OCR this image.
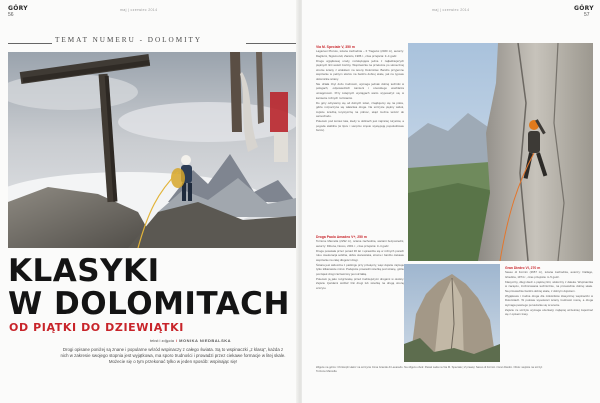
GÓRY
56
maj | czerwiec 2014
TEMAT NUMERU - DOLOMITY
KLASYKI
W DOLOMITACH
OD PIĄTKI DO DZIEWIĄTKI
tekst i zdjęcia / MONIKA NIEDBALSKA
Drogi opisane poniżej są znane i popularne wśród wspinaczy z całego świata. Są to wspinaczki „z klasą”, każda z nich w zakresie swojego stopnia jest wyjątkowa, ma sporo trudności i prowadzi przez ciekawe formacje w litej skale. Możecie się o tym przekonać tylko w jeden sposób: wspinając się!
GÓRY
57
maj | czerwiec 2014
Via M. Speciale V, 350 m

Lagazuoi Piccolo, ściana zachodnia – II Tragazoi (2460 m), autorzy: Dagliumi, Sigismondi, Zaniolo, 1986 r., czas przejścia: 3–4 godz.

Droga wyjątkowej urody, rozwiązująca jedna z najładniejszych pięknych linii wokół Cortiny. Wspinaczka na przełomie po słonecznej stronie ściany z widokiem na tereny Dolomitów. Bardzo przyjemne wspinanie w pełnym słońcu na bardzo dobrej skale, jak na typowe dolomickie ściany.

Nie działa zbyt dużo trudności, wymaga jednak dobrej techniki w połogach, odpowiednich kamieni i szerokiego wachlarza umiejętności. Przy kolejnych wyciągach warto wyposażyć się w kamienie różnych rozmiarów.

Do góry odrywamy się od dolnych ścian, znajdujemy się na półce, gdzie rozpoczyna się właściwa droga. Na szczycie piękny widok, zejście ścieżką turystyczną na północ, skąd można wrócić do samochodu.

Polecam pod koniec lata, kiedy w dolinach jest najmniej turystów, a pogoda stabilna (w lipcu i sierpniu często występują popołudniowe burze).

Droga Paolo Amadeo V+, 250 m

Torrione Marcella (2292 m), ściana zachodnia, wariant bezpośredni, autorzy: Dibona, Nocos, 2001 r., czas przejścia: 3–4 godz.

Droga powstała przez ponad 30 lat i sprawdza się w różnych porach roku. Asekuracja solidna, dobre stanowiska, strome i bardzo ciekawe wspinanie na całej długości drogi.

Ściana jest widoczna z parkingu przy przełęczy, więc dojście zajmuje tylko kilkanaście minut. Podejście prowadzi ścieżką pod ścianę, gdzie początek drogi zaznaczony jest strzałką.

Polecam ją jako rozgrzewkę przed trudniejszymi drogami w okolicy. Zejście zjazdami wzdłuż linii drogi lub ścieżką na drugą stronę szczytu.

Gran Diedro VI, 270 m

Sasso di Formin (2657 m), ściana zachodnia, autorzy: Dallago, Ghedina, 1974 r., czas przejścia: 4–5 godz.

Klasyczny, długi diedr o pięknej linii, widoczny z daleka. Wspinaczka w zacięciu, zróżnicowana technicznie, na przeważnie dobrej skale. Na przeważnie bardzo dobrej skale, z dobrym dojściem.

Wyjątkowa i trudna droga dla miłośników klasycznej wspinaczki w Dolomitach. W połowie wysokości ściany trudności rosną, a droga wymaga pewnego poruszania się w terenie.

Zejście ze szczytu wymaga orientacji, najlepiej wcześniej zapoznać się z opisem trasy.

Zdjęcie na górze: Christoph Hainz na szczycie Cima Grande di Lavaredo. Na zdjęciu obok: Paweł Lada na Via M. Speciale | Z prawej: Sasso di Formin i Gran Diedro. Obok: wejście na szczyt Torrione Marcella
